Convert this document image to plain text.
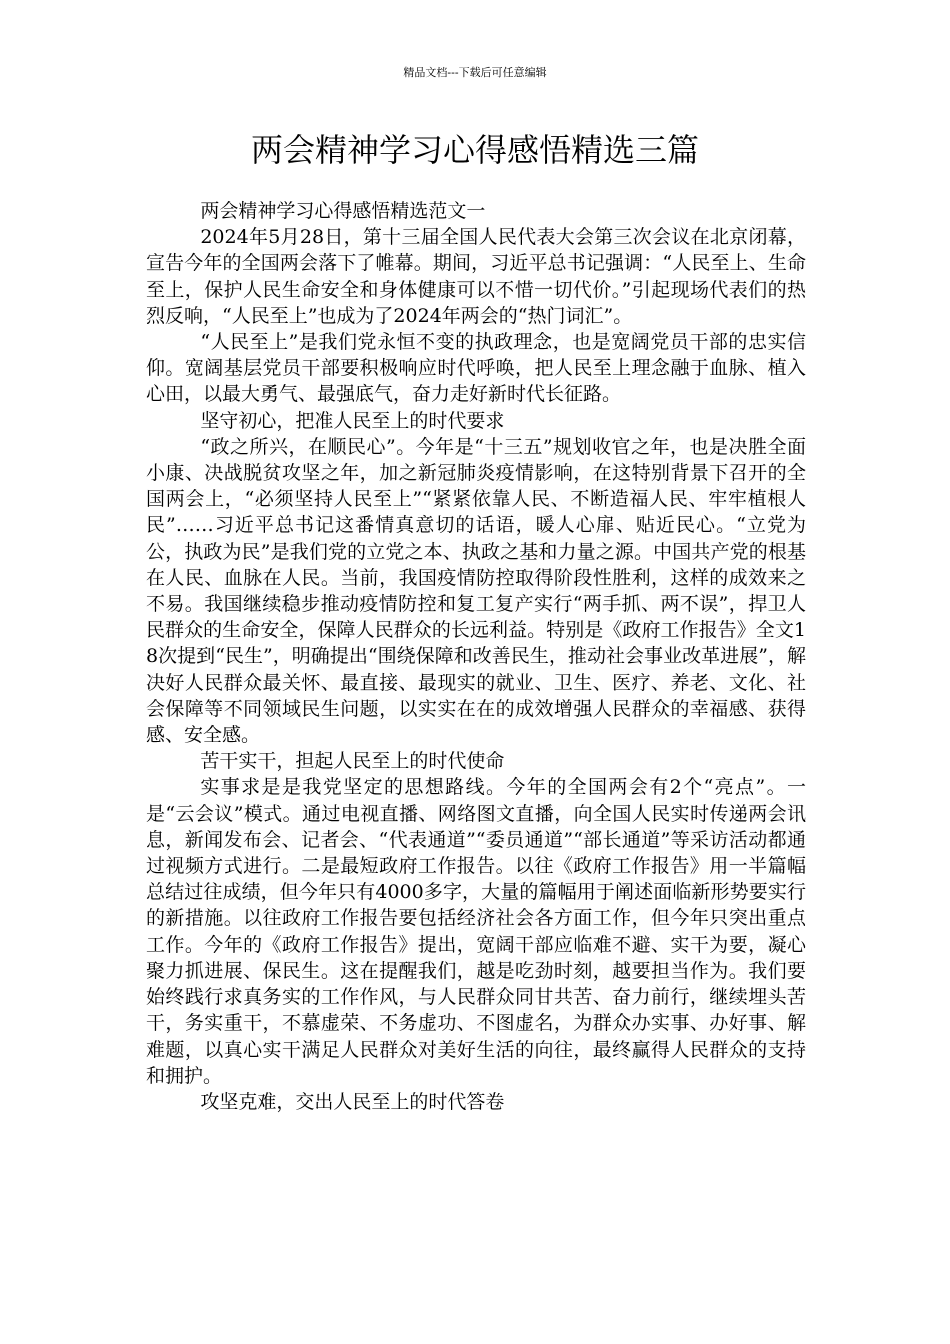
精品文档---下载后可任意编辑
两会精神学习心得感悟精选三篇

两会精神学习心得感悟精选范文一

2024年5月28日，第十三届全国人民代表大会第三次会议在北京闭幕，宣告今年的全国两会落下了帷幕。期间，习近平总书记强调：“人民至上、生命至上，保护人民生命安全和身体健康可以不惜一切代价。”引起现场代表们的热烈反响，“人民至上”也成为了2024年两会的“热门词汇”。

“人民至上”是我们党永恒不变的执政理念，也是宽阔党员干部的忠实信仰。宽阔基层党员干部要积极响应时代呼唤，把人民至上理念融于血脉、植入心田，以最大勇气、最强底气，奋力走好新时代长征路。

坚守初心，把准人民至上的时代要求

“政之所兴，在顺民心”。今年是“十三五”规划收官之年，也是决胜全面小康、决战脱贫攻坚之年，加之新冠肺炎疫情影响，在这特别背景下召开的全国两会上，“必须坚持人民至上”“紧紧依靠人民、不断造福人民、牢牢植根人民”……习近平总书记这番情真意切的话语，暖人心扉、贴近民心。“立党为公，执政为民”是我们党的立党之本、执政之基和力量之源。中国共产党的根基在人民、血脉在人民。当前，我国疫情防控取得阶段性胜利，这样的成效来之不易。我国继续稳步推动疫情防控和复工复产实行“两手抓、两不误”，捍卫人民群众的生命安全，保障人民群众的长远利益。特别是《政府工作报告》全文18次提到“民生”，明确提出“围绕保障和改善民生，推动社会事业改革进展”，解决好人民群众最关怀、最直接、最现实的就业、卫生、医疗、养老、文化、社会保障等不同领域民生问题，以实实在在的成效增强人民群众的幸福感、获得感、安全感。

苦干实干，担起人民至上的时代使命

实事求是是我党坚定的思想路线。今年的全国两会有2个“亮点”。一是“云会议”模式。通过电视直播、网络图文直播，向全国人民实时传递两会讯息，新闻发布会、记者会、“代表通道”“委员通道”“部长通道”等采访活动都通过视频方式进行。二是最短政府工作报告。以往《政府工作报告》用一半篇幅总结过往成绩，但今年只有4000多字，大量的篇幅用于阐述面临新形势要实行的新措施。以往政府工作报告要包括经济社会各方面工作，但今年只突出重点工作。今年的《政府工作报告》提出，宽阔干部应临难不避、实干为要，凝心聚力抓进展、保民生。这在提醒我们，越是吃劲时刻，越要担当作为。我们要始终践行求真务实的工作作风，与人民群众同甘共苦、奋力前行，继续埋头苦干，务实重干，不慕虚荣、不务虚功、不图虚名，为群众办实事、办好事、解难题，以真心实干满足人民群众对美好生活的向往，最终赢得人民群众的支持和拥护。

攻坚克难，交出人民至上的时代答卷
